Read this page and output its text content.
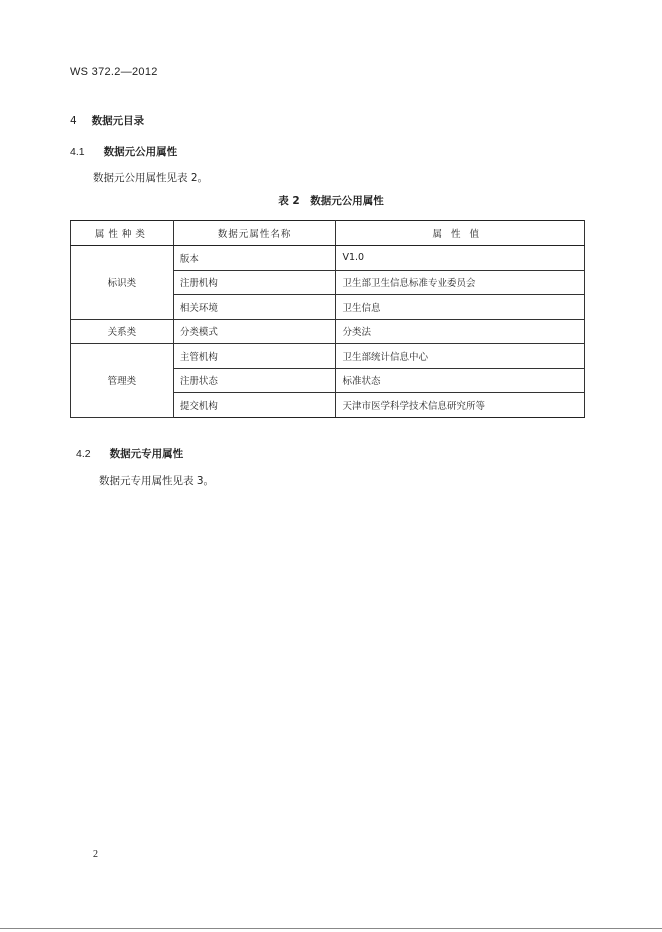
WS 372.2—2012
4 数据元目录
4.1 数据元公用属性
数据元公用属性见表 2。
表 2　数据元公用属性
属性种类	数据元属性名称	属性值
标识类	版本	V1.0
	注册机构	卫生部卫生信息标准专业委员会
	相关环境	卫生信息
关系类	分类模式	分类法
管理类	主管机构	卫生部统计信息中心
	注册状态	标准状态
	提交机构	天津市医学科学技术信息研究所等
4.2 数据元专用属性
数据元专用属性见表 3。
2
